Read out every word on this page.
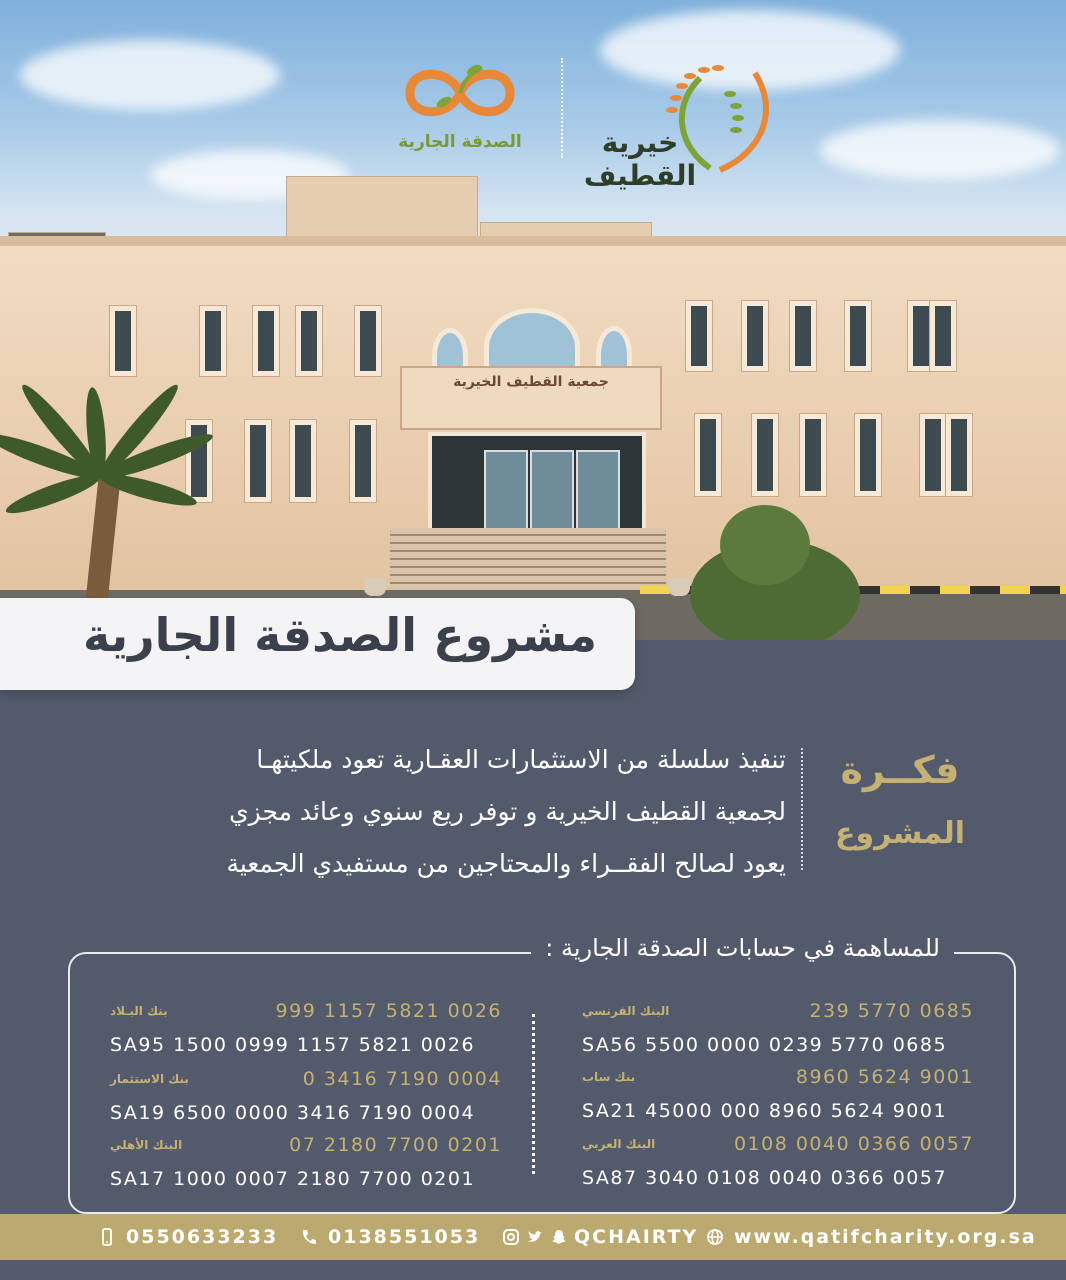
جمعية القطيف الخيرية
الصدقة الجارية	خيرية القطيف
مشروع الصدقة الجارية
فكــرة
المشروع
تنفيذ سلسلة من الاستثمارات العقـارية تعود ملكيتهـا
لجمعية القطيف الخيرية و توفر ريع سنوي وعائد مجزي
يعود لصالح الفقــراء والمحتاجين من مستفيدي الجمعية
للمساهمة في حسابات الصدقة الجارية :
البنك الفرنسي	239 5770 0685
SA56 5500 0000 0239 5770 0685
بنك ساب	8960 5624 9001
SA21 45000 000 8960 5624 9001
البنك العربي	0108 0040 0366 0057
SA87 3040 0108 0040 0366 0057
بنك البـلاد	999 1157 5821 0026
SA95 1500 0999 1157 5821 0026
بنك الاستثمار	0 3416 7190 0004
SA19 6500 0000 3416 7190 0004
البنك الأهلي	07 2180 7700 0201
SA17 1000 0007 2180 7700 0201
0550633233	0138551053	QCHAIRTY www.qatifcharity.org.sa
